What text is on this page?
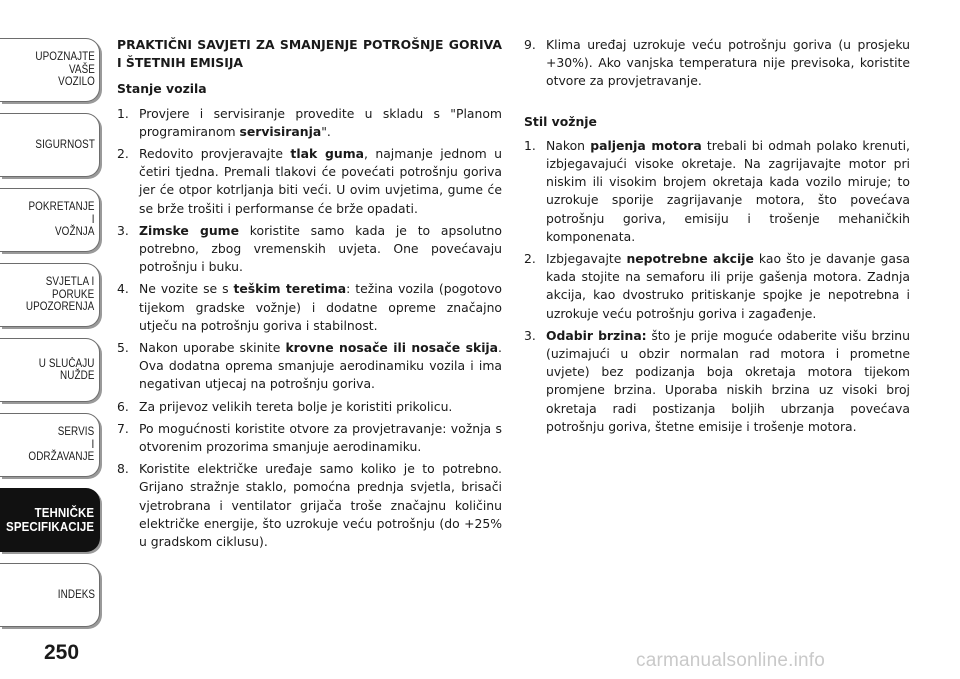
UPOZNAJTE
VAŠE
VOZILO
SIGURNOST
POKRETANJE
I
VOŽNJA
SVJETLA I
PORUKE
UPOZORENJA
U SLUČAJU
NUŽDE
SERVIS
I
ODRŽAVANJE
TEHNIČKE
SPECIFIKACIJE
INDEKS
250

PRAKTIČNI SAVJETI ZA SMANJENJE POTROŠNJE GORIVA I ŠTETNIH EMISIJA

Stanje vozila

1. Provjere i servisiranje provedite u skladu s "Planom programiranom servisiranja".
2. Redovito provjeravajte tlak guma, najmanje jednom u četiri tjedna. Premali tlakovi će povećati potrošnju goriva jer će otpor kotrljanja biti veći. U ovim uvjetima, gume će se brže trošiti i performanse će brže opadati.
3. Zimske gume koristite samo kada je to apsolutno potrebno, zbog vremenskih uvjeta. One povećavaju potrošnju i buku.
4. Ne vozite se s teškim teretima: težina vozila (pogotovo tijekom gradske vožnje) i dodatne opreme značajno utječu na potrošnju goriva i stabilnost.
5. Nakon uporabe skinite krovne nosače ili nosače skija. Ova dodatna oprema smanjuje aerodinamiku vozila i ima negativan utjecaj na potrošnju goriva.
6. Za prijevoz velikih tereta bolje je koristiti prikolicu.
7. Po mogućnosti koristite otvore za provjetravanje: vožnja s otvorenim prozorima smanjuje aerodinamiku.
8. Koristite električke uređaje samo koliko je to potrebno. Grijano stražnje staklo, pomoćna prednja svjetla, brisači vjetrobrana i ventilator grijača troše značajnu količinu električke energije, što uzrokuje veću potrošnju (do +25% u gradskom ciklusu).
9. Klima uređaj uzrokuje veću potrošnju goriva (u prosjeku +30%). Ako vanjska temperatura nije previsoka, koristite otvore za provjetravanje.

Stil vožnje

1. Nakon paljenja motora trebali bi odmah polako krenuti, izbjegavajući visoke okretaje. Na zagrijavajte motor pri niskim ili visokim brojem okretaja kada vozilo miruje; to uzrokuje sporije zagrijavanje motora, što povećava potrošnju goriva, emisiju i trošenje mehaničkih komponenata.
2. Izbjegavajte nepotrebne akcije kao što je davanje gasa kada stojite na semaforu ili prije gašenja motora. Zadnja akcija, kao dvostruko pritiskanje spojke je nepotrebna i uzrokuje veću potrošnju goriva i zagađenje.
3. Odabir brzina: što je prije moguće odaberite višu brzinu (uzimajući u obzir normalan rad motora i prometne uvjete) bez podizanja boja okretaja motora tijekom promjene brzina. Uporaba niskih brzina uz visoki broj okretaja radi postizanja boljih ubrzanja povećava potrošnju goriva, štetne emisije i trošenje motora.
carmanualsonline.info
